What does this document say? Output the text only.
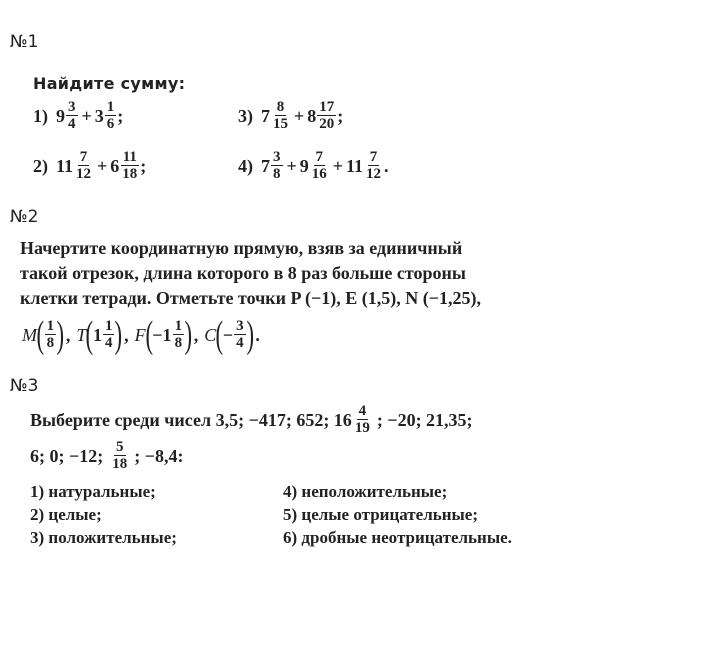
№1
Найдите сумму:
1) $9 \frac{3}{4} + 3 \frac{1}{6}$ ;
2) $11 \frac{7}{12} + 6 \frac{11}{18}$ ;
3) $7 \frac{8}{15} + 8 \frac{17}{20}$ ;
4) $7 \frac{3}{8} + 9 \frac{7}{16} + 11 \frac{7}{12}$ .
№2
Начертите координатную прямую, взяв за единичный
такой отрезок, длина которого в 8 раз больше стороны
клетки тетради. Отметьте точки P (−1), E (1,5), N (−1,25),
M ( $\frac{1}{8}$ ) , T ( $1 \frac{1}{4}$ ) , F ( $-1 \frac{1}{8}$ ) , C ( − $\frac{3}{4}$ ) .
№3
Выберите среди чисел 3,5; −417; 652; $16 \frac{4}{19}$ ; −20; 21,35;
6; 0; −12; $\frac{5}{18}$ ; −8,4:
1) натуральные;
2) целые;
3) положительные;
4) неположительные;
5) целые отрицательные;
6) дробные неотрицательные.
